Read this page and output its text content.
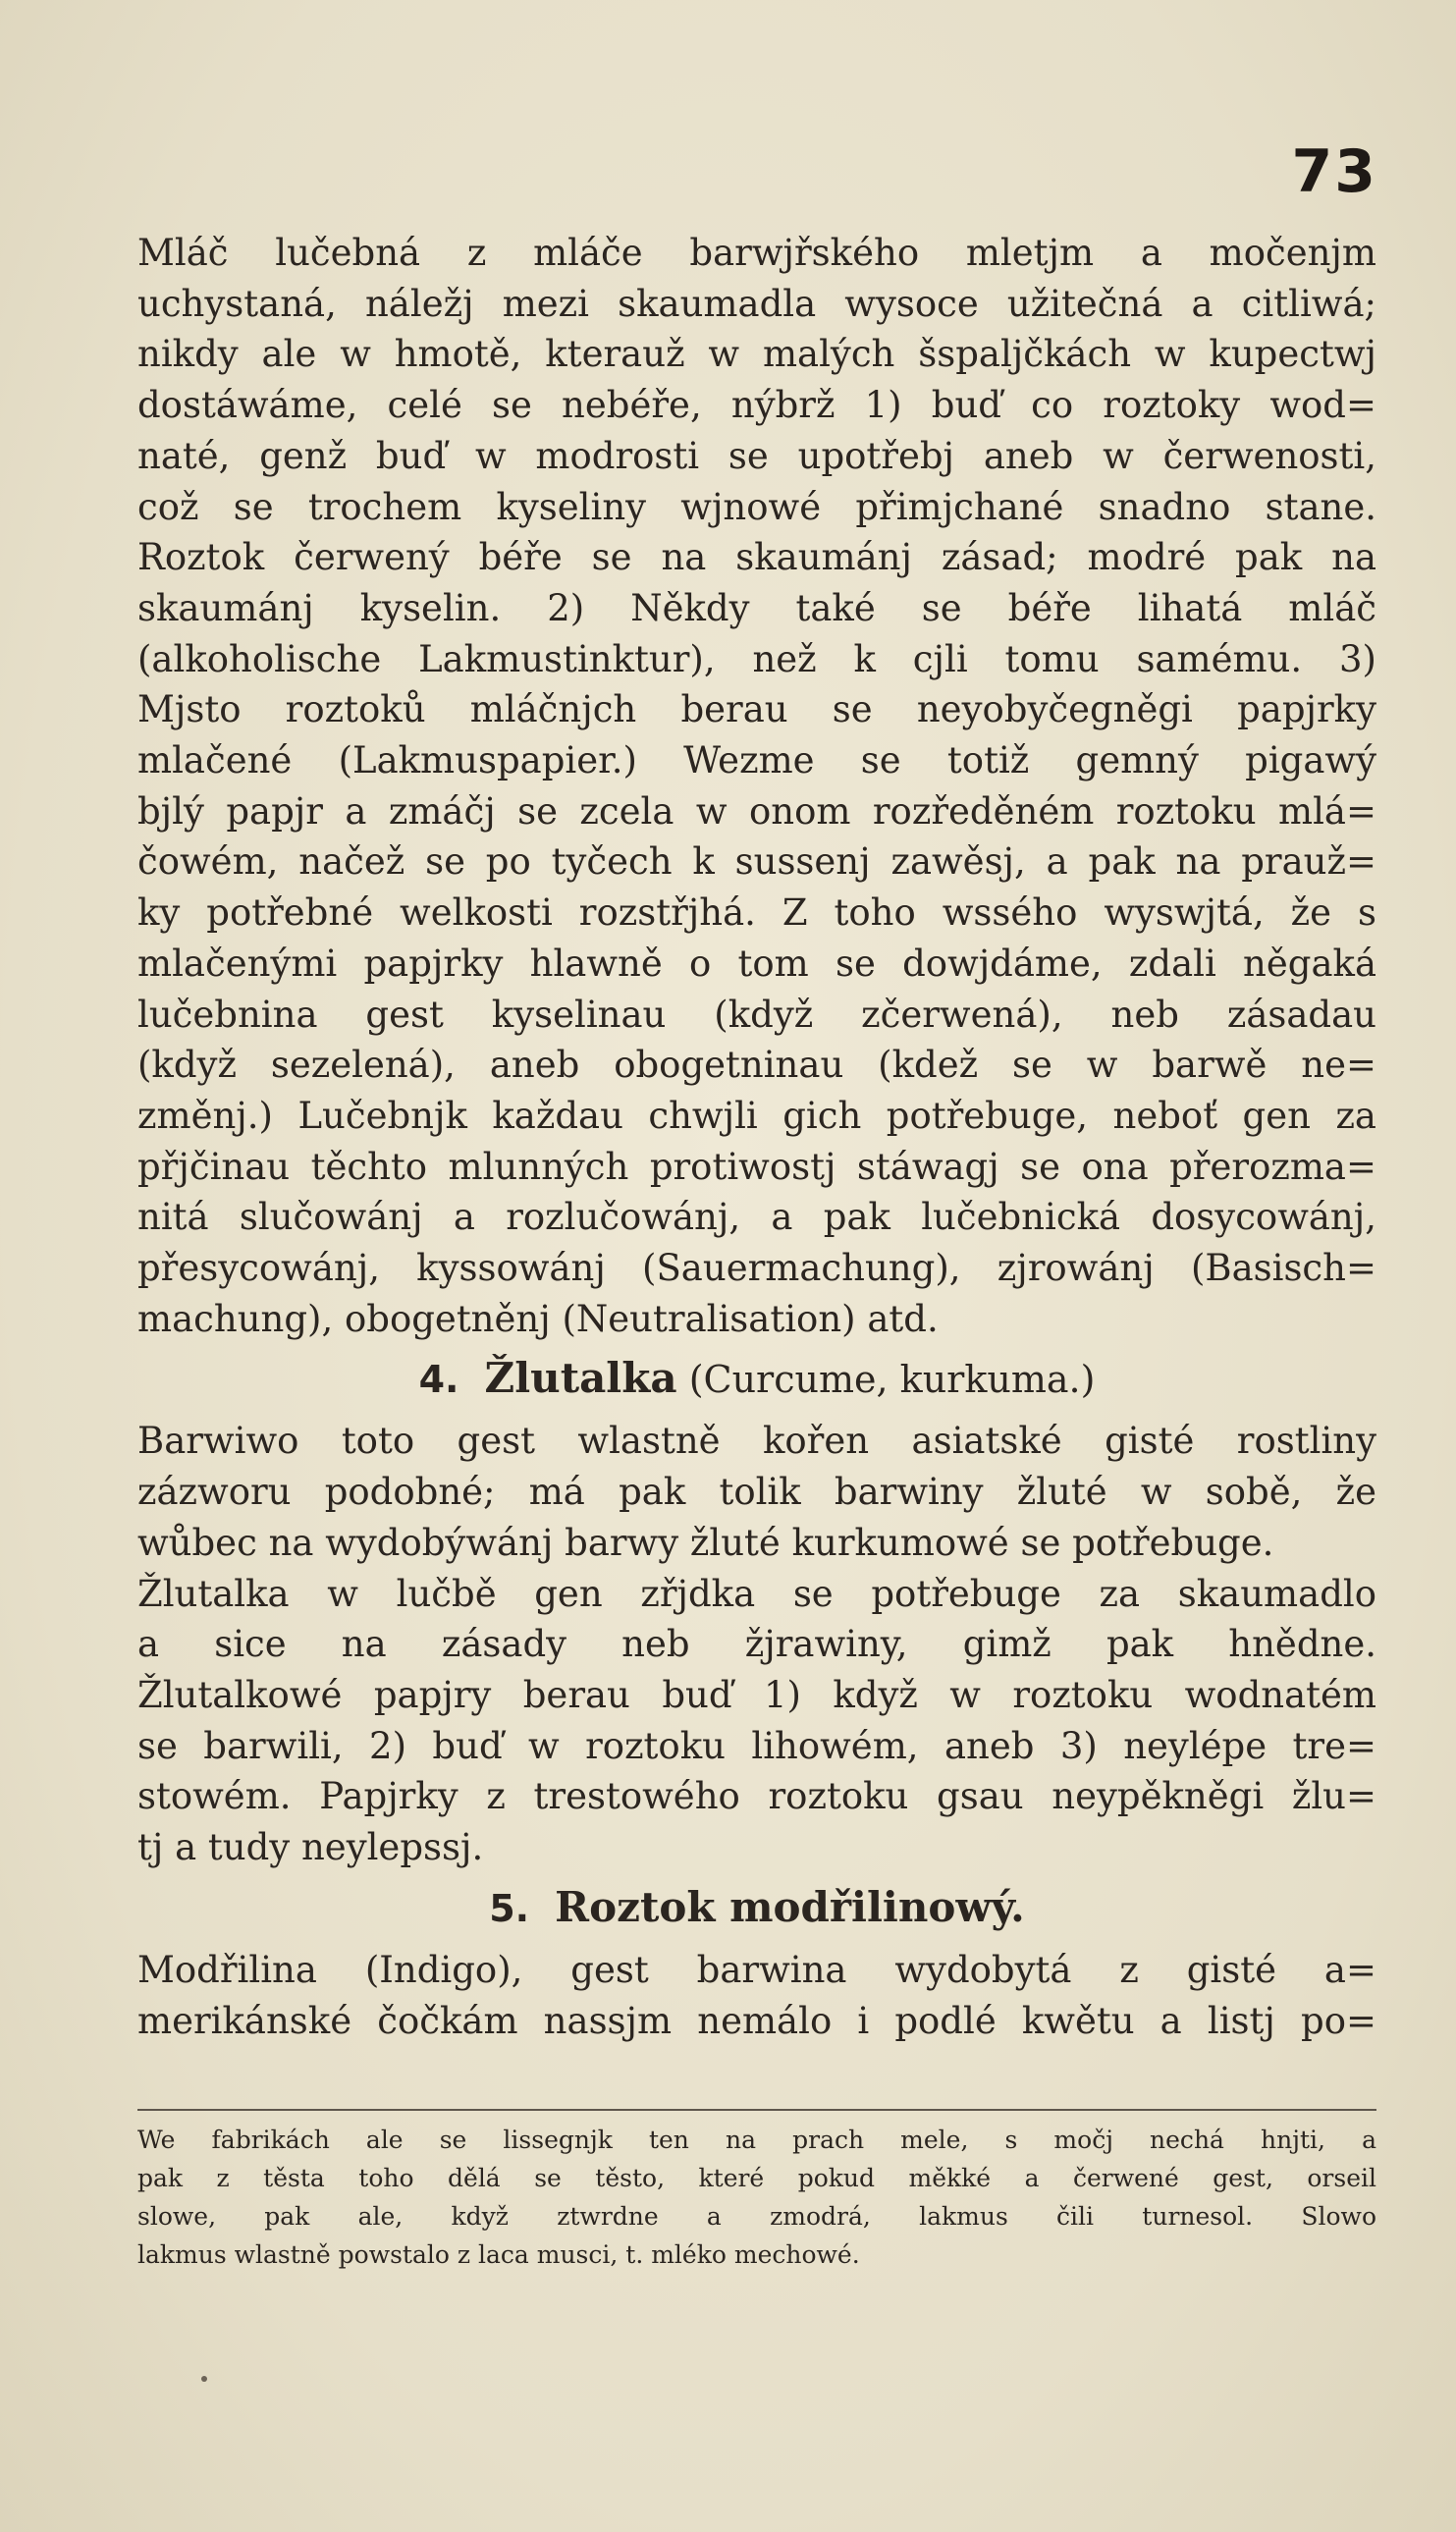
73
Mláč lučebná z mláče barwjřského mletjm a močenjm
uchystaná, náležj mezi skaumadla wysoce užitečná a citliwá;
nikdy ale w hmotě, kterauž w malých šspaljčkách w kupectwj
dostáwáme, celé se nebéře, nýbrž 1) buď co roztoky wod=
naté, genž buď w modrosti se upotřebj aneb w čerwenosti,
což se trochem kyseliny wjnowé přimjchané snadno stane.
Roztok čerwený béře se na skaumánj zásad; modré pak na
skaumánj kyselin. 2) Někdy také se béře lihatá mláč
(alkoholische Lakmustinktur), než k cjli tomu samému. 3)
Mjsto roztoků mláčnjch berau se neyobyčegněgi papjrky
mlačené (Lakmuspapier.) Wezme se totiž gemný pigawý
bjlý papjr a zmáčj se zcela w onom rozředěném roztoku mlá=
čowém, načež se po tyčech k sussenj zawěsj, a pak na prauž=
ky potřebné welkosti rozstřjhá. Z toho wssého wyswjtá, že s
mlačenými papjrky hlawně o tom se dowjdáme, zdali něgaká
lučebnina gest kyselinau (když zčerwená), neb zásadau
(když sezelená), aneb obogetninau (kdež se w barwě ne=
změnj.) Lučebnjk každau chwjli gich potřebuge, neboť gen za
přjčinau těchto mlunných protiwostj stáwagj se ona přerozma=
nitá slučowánj a rozlučowánj, a pak lučebnická dosycowánj,
přesycowánj, kyssowánj (Sauermachung), zjrowánj (Basisch=
machung), obogetněnj (Neutralisation) atd.
4. Žlutalka (Curcume, kurkuma.)
Barwiwo toto gest wlastně kořen asiatské gisté rostliny
zázworu podobné; má pak tolik barwiny žluté w sobě, že
wůbec na wydobýwánj barwy žluté kurkumowé se potřebuge.
Žlutalka w lučbě gen zřjdka se potřebuge za skaumadlo
a sice na zásady neb žjrawiny, gimž pak hnědne.
Žlutalkowé papjry berau buď 1) když w roztoku wodnatém
se barwili, 2) buď w roztoku lihowém, aneb 3) neylépe tre=
stowém. Papjrky z trestowého roztoku gsau neypěkněgi žlu=
tj a tudy neylepssj.
5. Roztok modřilinowý.
Modřilina (Indigo), gest barwina wydobytá z gisté a=
merikánské čočkám nassjm nemálo i podlé kwětu a listj po=
We fabrikách ale se lissegnjk ten na prach mele, s močj nechá hnjti, a
pak z těsta toho dělá se těsto, které pokud měkké a čerwené gest, orseil
slowe, pak ale, když ztwrdne a zmodrá, lakmus čili turnesol. Slowo
lakmus wlastně powstalo z laca musci, t. mléko mechowé.
